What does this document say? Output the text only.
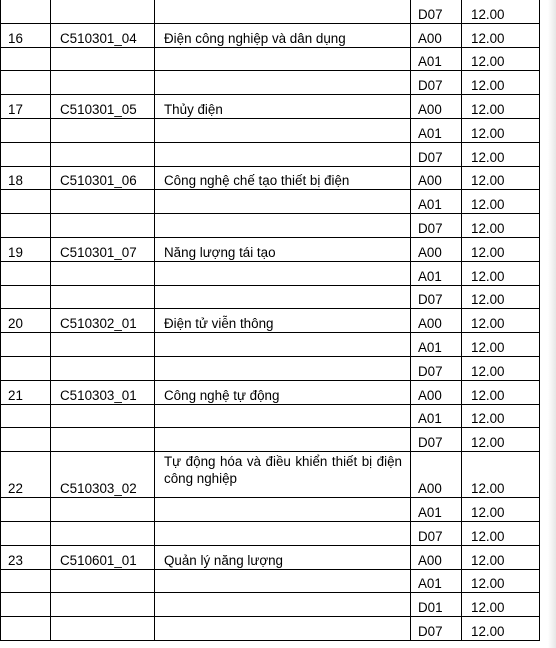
			D07	12.00
16	C510301_04	Điện công nghiệp và dân dụng	A00	12.00
			A01	12.00
			D07	12.00
17	C510301_05	Thủy điện	A00	12.00
			A01	12.00
			D07	12.00
18	C510301_06	Công nghệ chế tạo thiết bị điện	A00	12.00
			A01	12.00
			D07	12.00
19	C510301_07	Năng lượng tái tạo	A00	12.00
			A01	12.00
			D07	12.00
20	C510302_01	Điện tử viễn thông	A00	12.00
			A01	12.00
			D07	12.00
21	C510303_01	Công nghệ tự động	A00	12.00
			A01	12.00
			D07	12.00
22	C510303_02	Tự động hóa và điều khiển thiết bị điện công nghiệp	A00	12.00
			A01	12.00
			D07	12.00
23	C510601_01	Quản lý năng lượng	A00	12.00
			A01	12.00
			D01	12.00
			D07	12.00
